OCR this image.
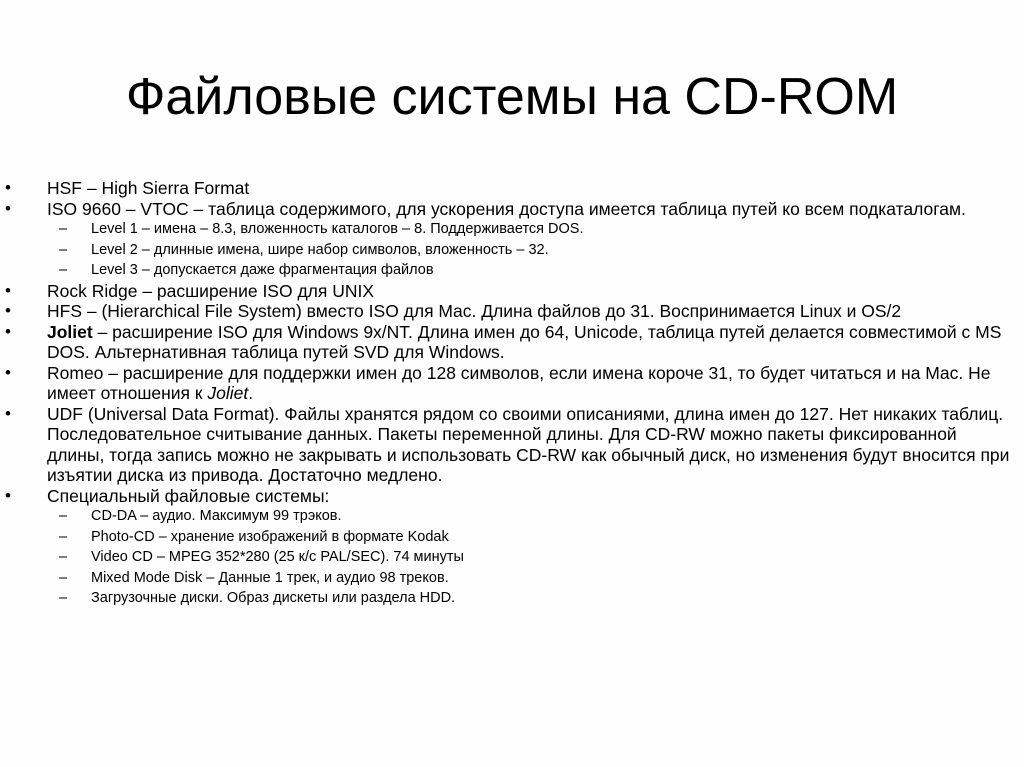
Файловые системы на CD-ROM
• HSF – High Sierra Format
• ISO 9660 – VTOC – таблица содержимого, для ускорения доступа имеется таблица путей ко всем подкаталогам.
– Level 1 – имена – 8.3, вложенность каталогов – 8. Поддерживается DOS.
– Level 2 – длинные имена, шире набор символов, вложенность – 32.
– Level 3 – допускается даже фрагментация файлов
• Rock Ridge – расширение ISO для UNIX
• HFS – (Hierarchical File System) вместо ISO для Mac. Длина файлов до 31. Воспринимается Linux и OS/2
• Joliet – расширение ISO для Windows 9x/NT. Длина имен до 64, Unicode, таблица путей делается совместимой с MS DOS. Альтернативная таблица путей SVD для Windows.
• Romeo – расширение для поддержки имен до 128 символов, если имена короче 31, то будет читаться и на Mac. Не имеет отношения к Joliet.
• UDF (Universal Data Format). Файлы хранятся рядом со своими описаниями, длина имен до 127. Нет никаких таблиц. Последовательное считывание данных. Пакеты переменной длины. Для CD-RW можно пакеты фиксированной длины, тогда запись можно не закрывать и использовать CD-RW как обычный диск, но изменения будут вносится при изъятии диска из привода. Достаточно медлено.
• Специальный файловые системы:
– CD-DA – аудио. Максимум 99 трэков.
– Photo-CD – хранение изображений в формате Kodak
– Video CD – MPEG 352*280 (25 к/с PAL/SEC). 74 минуты
– Mixed Mode Disk – Данные 1 трек, и аудио 98 треков.
– Загрузочные диски. Образ дискеты или раздела HDD.
